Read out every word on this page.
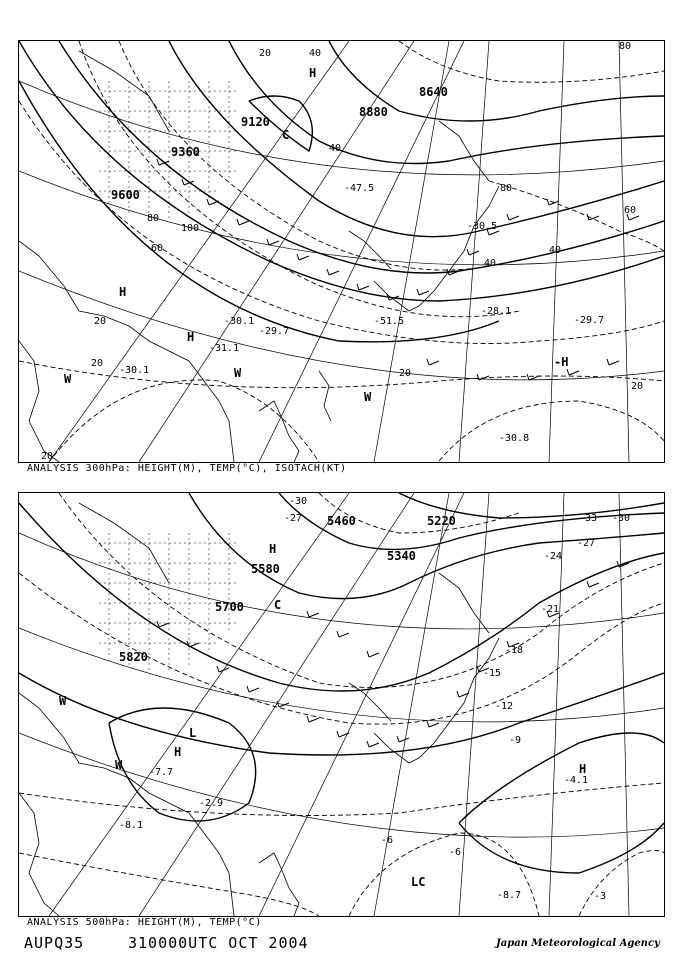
9120
8880
9360
9600
8640
40
60
80
100
20
80
40
60
40
20
80
20
20
20
20
40
-30.1
-31.1
-30.5
-30.8
-29.7
-30.1
-47.5
-51.5
-28.1
-29.7
H
H
W	W
W
C
H
-H
ANALYSIS 300hPa: HEIGHT(M), TEMP(°C), ISOTACH(KT)
5460	5220
5340
5580
5700
5820
-27
-30
-33 -30
-24
-27
-21
-18
-15
-12
-9
-6
-6
-3
-4.1
-8.7
-2.9
-8.1
-7.7
C
W
H
W
L
H
H
LC
ANALYSIS 500hPa: HEIGHT(M), TEMP(°C)
AUPQ35	310000UTC OCT 2004	Japan Meteorological Agency
